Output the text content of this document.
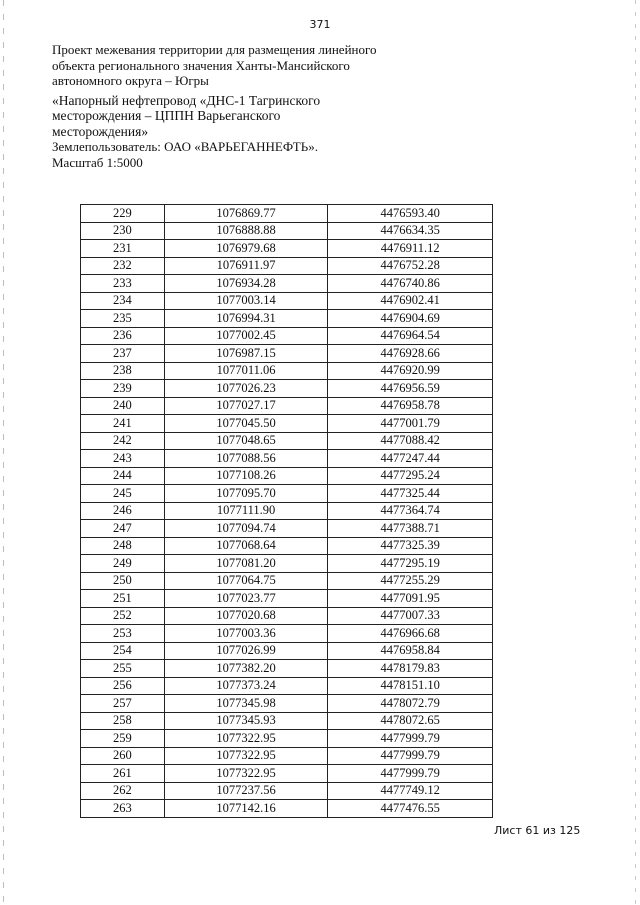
371
Проект межевания территории для размещения линейного
объекта регионального значения Ханты-Мансийского
автономного округа – Югры
«Напорный нефтепровод «ДНС-1 Тагринского
месторождения – ЦППН Варьеганского
месторождения»
Землепользователь: ОАО «ВАРЬЕГАННЕФТЬ».
Масштаб 1:5000
229	1076869.77	4476593.40
230	1076888.88	4476634.35
231	1076979.68	4476911.12
232	1076911.97	4476752.28
233	1076934.28	4476740.86
234	1077003.14	4476902.41
235	1076994.31	4476904.69
236	1077002.45	4476964.54
237	1076987.15	4476928.66
238	1077011.06	4476920.99
239	1077026.23	4476956.59
240	1077027.17	4476958.78
241	1077045.50	4477001.79
242	1077048.65	4477088.42
243	1077088.56	4477247.44
244	1077108.26	4477295.24
245	1077095.70	4477325.44
246	1077111.90	4477364.74
247	1077094.74	4477388.71
248	1077068.64	4477325.39
249	1077081.20	4477295.19
250	1077064.75	4477255.29
251	1077023.77	4477091.95
252	1077020.68	4477007.33
253	1077003.36	4476966.68
254	1077026.99	4476958.84
255	1077382.20	4478179.83
256	1077373.24	4478151.10
257	1077345.98	4478072.79
258	1077345.93	4478072.65
259	1077322.95	4477999.79
260	1077322.95	4477999.79
261	1077322.95	4477999.79
262	1077237.56	4477749.12
263	1077142.16	4477476.55
Лист 61 из 125
